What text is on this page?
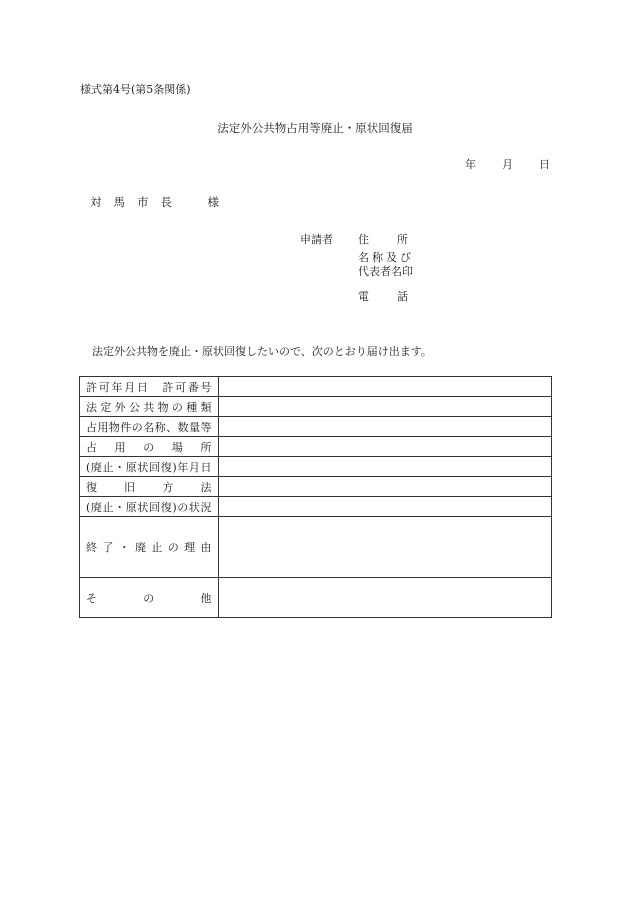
様式第4号(第5条関係)
法定外公共物占用等廃止・原状回復届
年 月 日
対馬市長　様
申請者 住所
名称及び
代表者名印
電話
法定外公共物を廃止・原状回復したいので、次のとおり届け出ます。
許可年月日　許可番号	
法定外公共物の種類	
占用物件の名称、数量等	
占用の場所	
(廃止・原状回復)年月日	
復旧方法	
(廃止・原状回復)の状況	
終了・廃止の理由	
その他	
